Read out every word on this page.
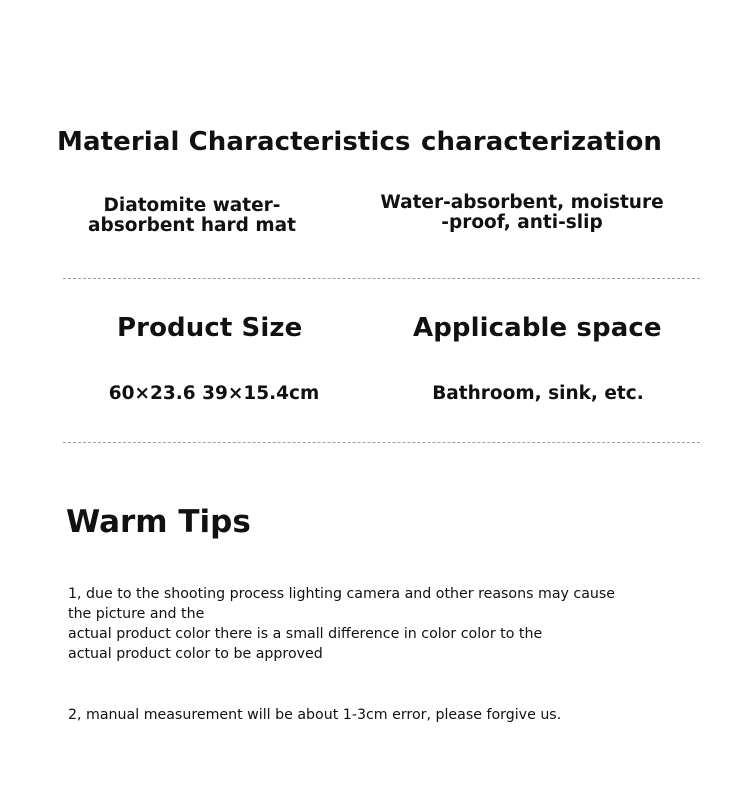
Material Characteristics characterization

Diatomite water-
absorbent hard mat

Water-absorbent, moisture
-proof, anti-slip

Product Size	Applicable space

60×23.6 39×15.4cm	Bathroom, sink, etc.

Warm Tips

1, due to the shooting process lighting camera and other reasons may cause
the picture and the
actual product color there is a small difference in color color to the
actual product color to be approved

2, manual measurement will be about 1-3cm error, please forgive us.
